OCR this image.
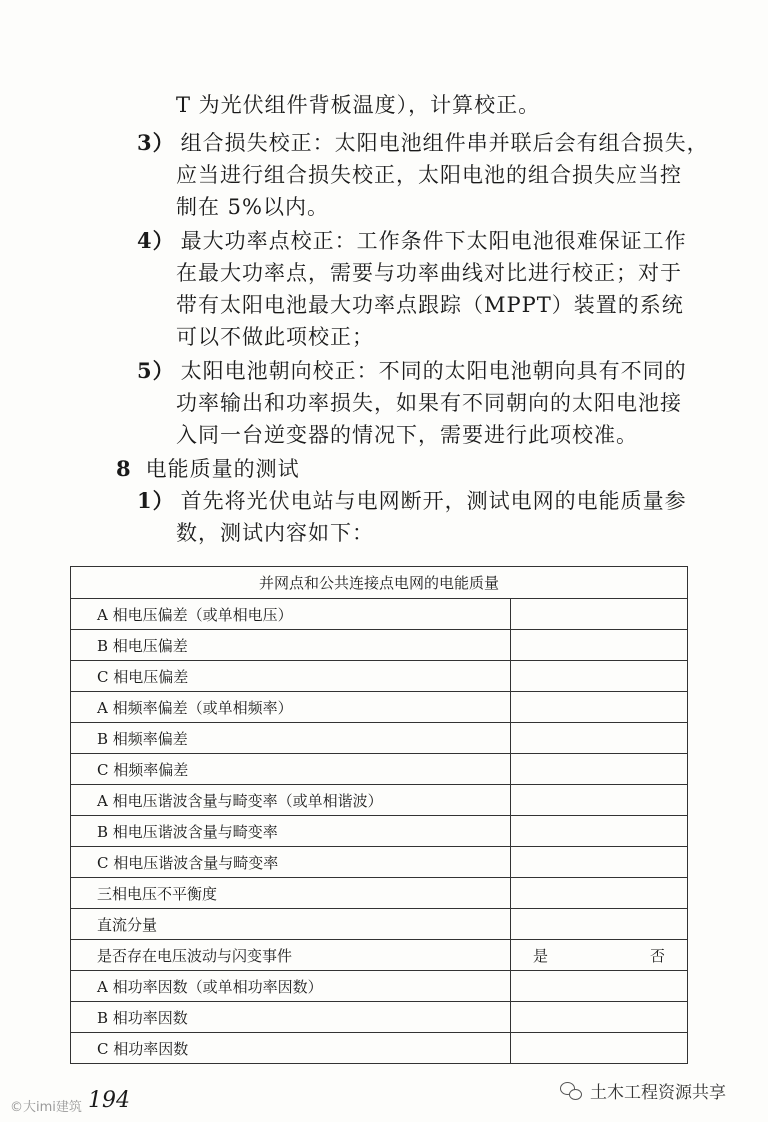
T 为光伏组件背板温度），计算校正。
3） 组合损失校正：太阳电池组件串并联后会有组合损失，
应当进行组合损失校正，太阳电池的组合损失应当控
制在 5%以内。
4） 最大功率点校正：工作条件下太阳电池很难保证工作
在最大功率点，需要与功率曲线对比进行校正；对于
带有太阳电池最大功率点跟踪（MPPT）装置的系统
可以不做此项校正；
5） 太阳电池朝向校正：不同的太阳电池朝向具有不同的
功率输出和功率损失，如果有不同朝向的太阳电池接
入同一台逆变器的情况下，需要进行此项校准。
8 电能质量的测试
1） 首先将光伏电站与电网断开，测试电网的电能质量参
数，测试内容如下：
并网点和公共连接点电网的电能质量	
A 相电压偏差（或单相电压）	
B 相电压偏差	
C 相电压偏差	
A 相频率偏差（或单相频率）	
B 相频率偏差	
C 相频率偏差	
A 相电压谐波含量与畸变率（或单相谐波）	
B 相电压谐波含量与畸变率	
C 相电压谐波含量与畸变率	
三相电压不平衡度	
直流分量	
是否存在电压波动与闪变事件	是 否

A 相功率因数（或单相功率因数）	
B 相功率因数	
C 相功率因数	
194
©大imi建筑
土木工程资源共享
